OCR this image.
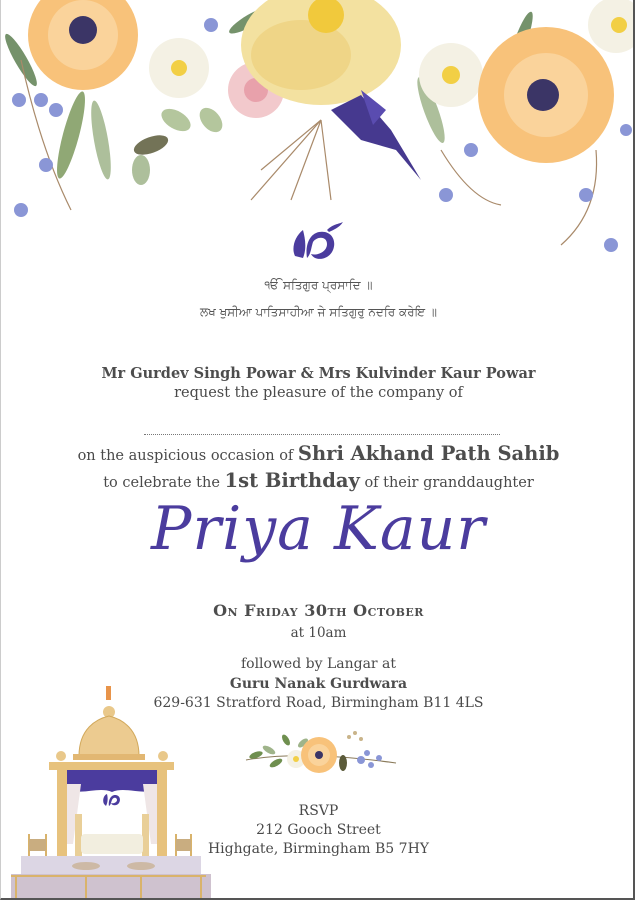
ੴ ਸਤਿਗੁਰ ਪ੍ਰਸਾਦਿ ॥
ਲਖ ਖੁਸੀਆ ਪਾਤਿਸਾਹੀਆ ਜੇ ਸਤਿਗੁਰੁ ਨਦਰਿ ਕਰੇਇ ॥
Mr Gurdev Singh Powar & Mrs Kulvinder Kaur Powar
request the pleasure of the company of
on the auspicious occasion of Shri Akhand Path Sahib
to celebrate the 1st Birthday of their granddaughter
Priya Kaur
On Friday 30th October
at 10am
followed by Langar at
Guru Nanak Gurdwara
629-631 Stratford Road, Birmingham B11 4LS
RSVP
212 Gooch Street
Highgate, Birmingham B5 7HY
